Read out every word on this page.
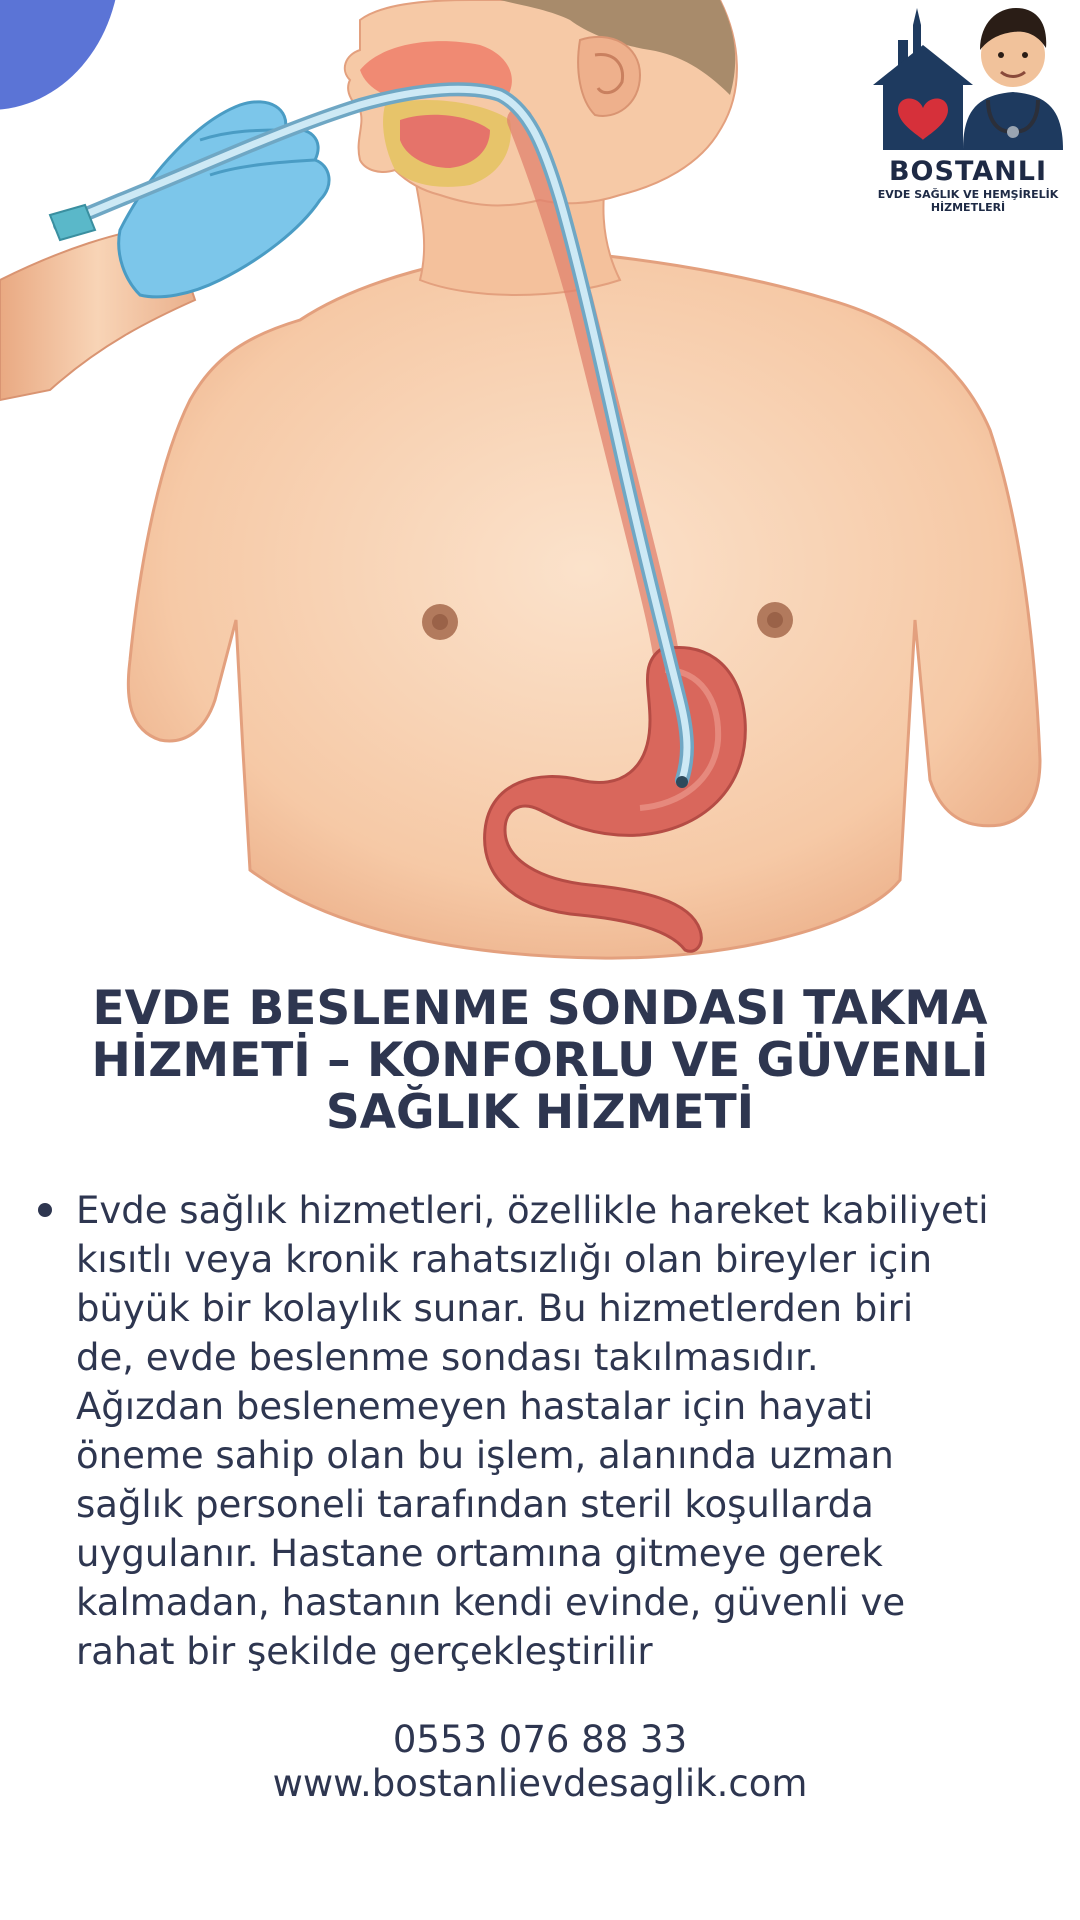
BOSTANLI
EVDE SAĞLIK VE HEMŞİRELİK
HİZMETLERİ
EVDE BESLENME SONDASI TAKMA
HİZMETİ – KONFORLU VE GÜVENLİ
SAĞLIK HİZMETİ
Evde sağlık hizmetleri, özellikle hareket kabiliyeti
kısıtlı veya kronik rahatsızlığı olan bireyler için
büyük bir kolaylık sunar. Bu hizmetlerden biri
de, evde beslenme sondası takılmasıdır.
Ağızdan beslenemeyen hastalar için hayati
öneme sahip olan bu işlem, alanında uzman
sağlık personeli tarafından steril koşullarda
uygulanır. Hastane ortamına gitmeye gerek
kalmadan, hastanın kendi evinde, güvenli ve
rahat bir şekilde gerçekleştirilir
0553 076 88 33
www.bostanlievdesaglik.com
